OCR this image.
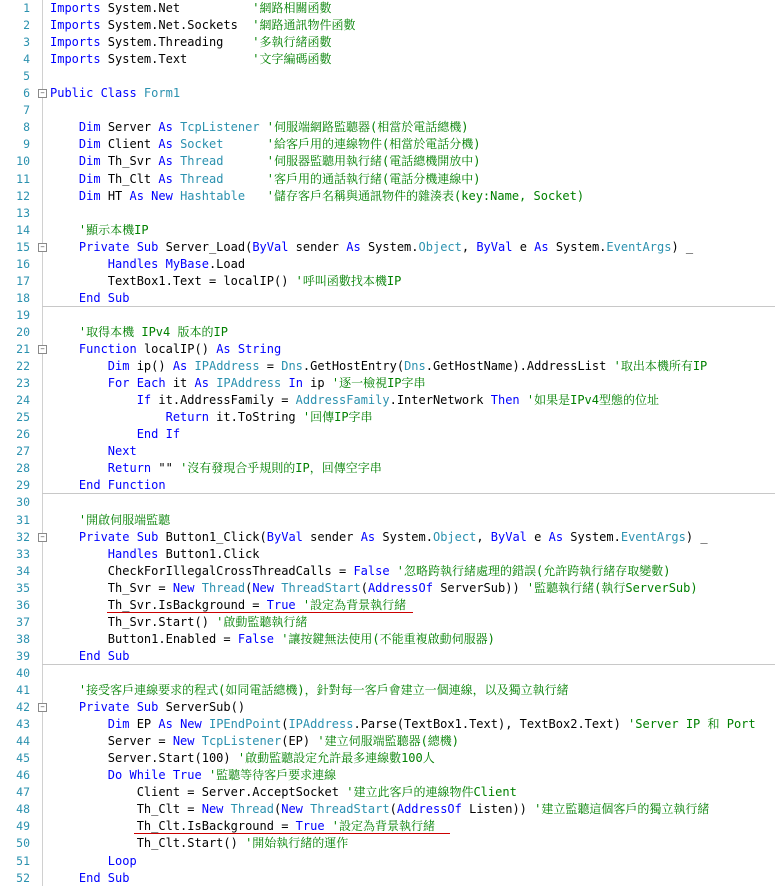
1 Imports System.Net          '網路相關函數
2 Imports System.Net.Sockets  '網路通訊物件函數
3 Imports System.Threading    '多執行緒函數
4 Imports System.Text         '文字編碼函數
5
6 Public Class Form1
7
8	Dim Server As TcpListener '伺服端網路監聽器(相當於電話總機)
9	Dim Client As Socket	'給客戶用的連線物件(相當於電話分機)
10	Dim Th_Svr As Thread	'伺服器監聽用執行緒(電話總機開放中)
11	Dim Th_Clt As Thread	'客戶用的通話執行緒(電話分機連線中)
12	Dim HT As New Hashtable '儲存客戶名稱與通訊物件的雜湊表(key:Name, Socket)
13
14	'顯示本機IP
15	Private Sub Server_Load(ByVal sender As System.Object, ByVal e As System.EventArgs) _
16	Handles MyBase.Load
17 TextBox1.Text = localIP() '呼叫函數找本機IP
18	End Sub
19
20	'取得本機 IPv4 版本的IP
21	Function localIP() As String
22	Dim ip() As IPAddress = Dns.GetHostEntry(Dns.GetHostName).AddressList '取出本機所有IP
23	For Each it As IPAddress In ip '逐一檢視IP字串
24	If it.AddressFamily = AddressFamily.InterNetwork Then '如果是IPv4型態的位址
25	Return it.ToString '回傳IP字串
26	End If
27	Next
28	Return "" '沒有發現合乎規則的IP，回傳空字串
29	End Function
30
31	'開啟伺服端監聽
32	Private Sub Button1_Click(ByVal sender As System.Object, ByVal e As System.EventArgs) _
33	Handles Button1.Click
34 CheckForIllegalCrossThreadCalls = False '忽略跨執行緒處理的錯誤(允許跨執行緒存取變數)
35 Th_Svr = New Thread(New ThreadStart(AddressOf ServerSub)) '監聽執行緒(執行ServerSub)
36 Th_Svr.IsBackground = True '設定為背景執行緒
37 Th_Svr.Start() '啟動監聽執行緒
38 Button1.Enabled = False '讓按鍵無法使用(不能重複啟動伺服器)
39	End Sub
40
41	'接受客戶連線要求的程式(如同電話總機)，針對每一客戶會建立一個連線，以及獨立執行緒
42	Private Sub ServerSub()
43	Dim EP As New IPEndPoint(IPAddress.Parse(TextBox1.Text), TextBox2.Text) 'Server IP 和 Port
44 Server = New TcpListener(EP) '建立伺服端監聽器(總機)
45 Server.Start(100) '啟動監聽設定允許最多連線數100人
46	Do While True '監聽等待客戶要求連線
47 Client = Server.AcceptSocket '建立此客戶的連線物件Client
48 Th_Clt = New Thread(New ThreadStart(AddressOf Listen)) '建立監聽這個客戶的獨立執行緒
49 Th_Clt.IsBackground = True '設定為背景執行緒
50 Th_Clt.Start() '開始執行緒的運作
51	Loop
52	End Sub
−
−
−
−
−
